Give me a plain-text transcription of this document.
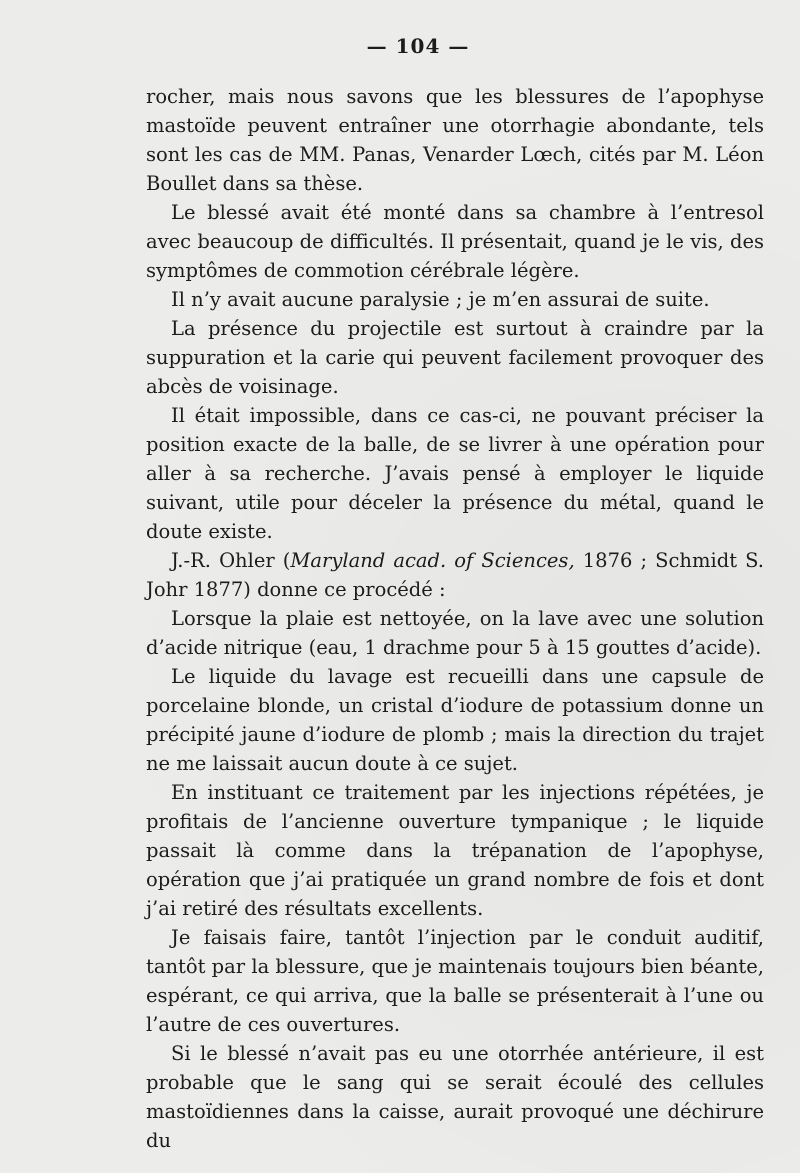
— 104 —

rocher, mais nous savons que les blessures de l’apophyse mastoïde peuvent entraîner une otorrhagie abondante, tels sont les cas de MM. Panas, Venarder Lœch, cités par M. Léon Boullet dans sa thèse.

Le blessé avait été monté dans sa chambre à l’entresol avec beaucoup de difficultés. Il présentait, quand je le vis, des symptômes de commotion cérébrale légère.

Il n’y avait aucune paralysie ; je m’en assurai de suite.

La présence du projectile est surtout à craindre par la suppuration et la carie qui peuvent facilement provoquer des abcès de voisinage.

Il était impossible, dans ce cas-ci, ne pouvant préciser la position exacte de la balle, de se livrer à une opération pour aller à sa recherche. J’avais pensé à employer le liquide suivant, utile pour déceler la présence du métal, quand le doute existe.

J.-R. Ohler (Maryland acad. of Sciences, 1876 ; Schmidt S. Johr 1877) donne ce procédé :

Lorsque la plaie est nettoyée, on la lave avec une solution d’acide nitrique (eau, 1 drachme pour 5 à 15 gouttes d’acide).

Le liquide du lavage est recueilli dans une capsule de porcelaine blonde, un cristal d’iodure de potassium donne un précipité jaune d’iodure de plomb ; mais la direction du trajet ne me laissait aucun doute à ce sujet.

En instituant ce traitement par les injections répétées, je profitais de l’ancienne ouverture tympanique ; le liquide passait là comme dans la trépanation de l’apophyse, opération que j’ai pratiquée un grand nombre de fois et dont j’ai retiré des résultats excellents.

Je faisais faire, tantôt l’injection par le conduit auditif, tantôt par la blessure, que je maintenais toujours bien béante, espérant, ce qui arriva, que la balle se présenterait à l’une ou l’autre de ces ouvertures.

Si le blessé n’avait pas eu une otorrhée antérieure, il est probable que le sang qui se serait écoulé des cellules mastoïdiennes dans la caisse, aurait provoqué une déchirure du
